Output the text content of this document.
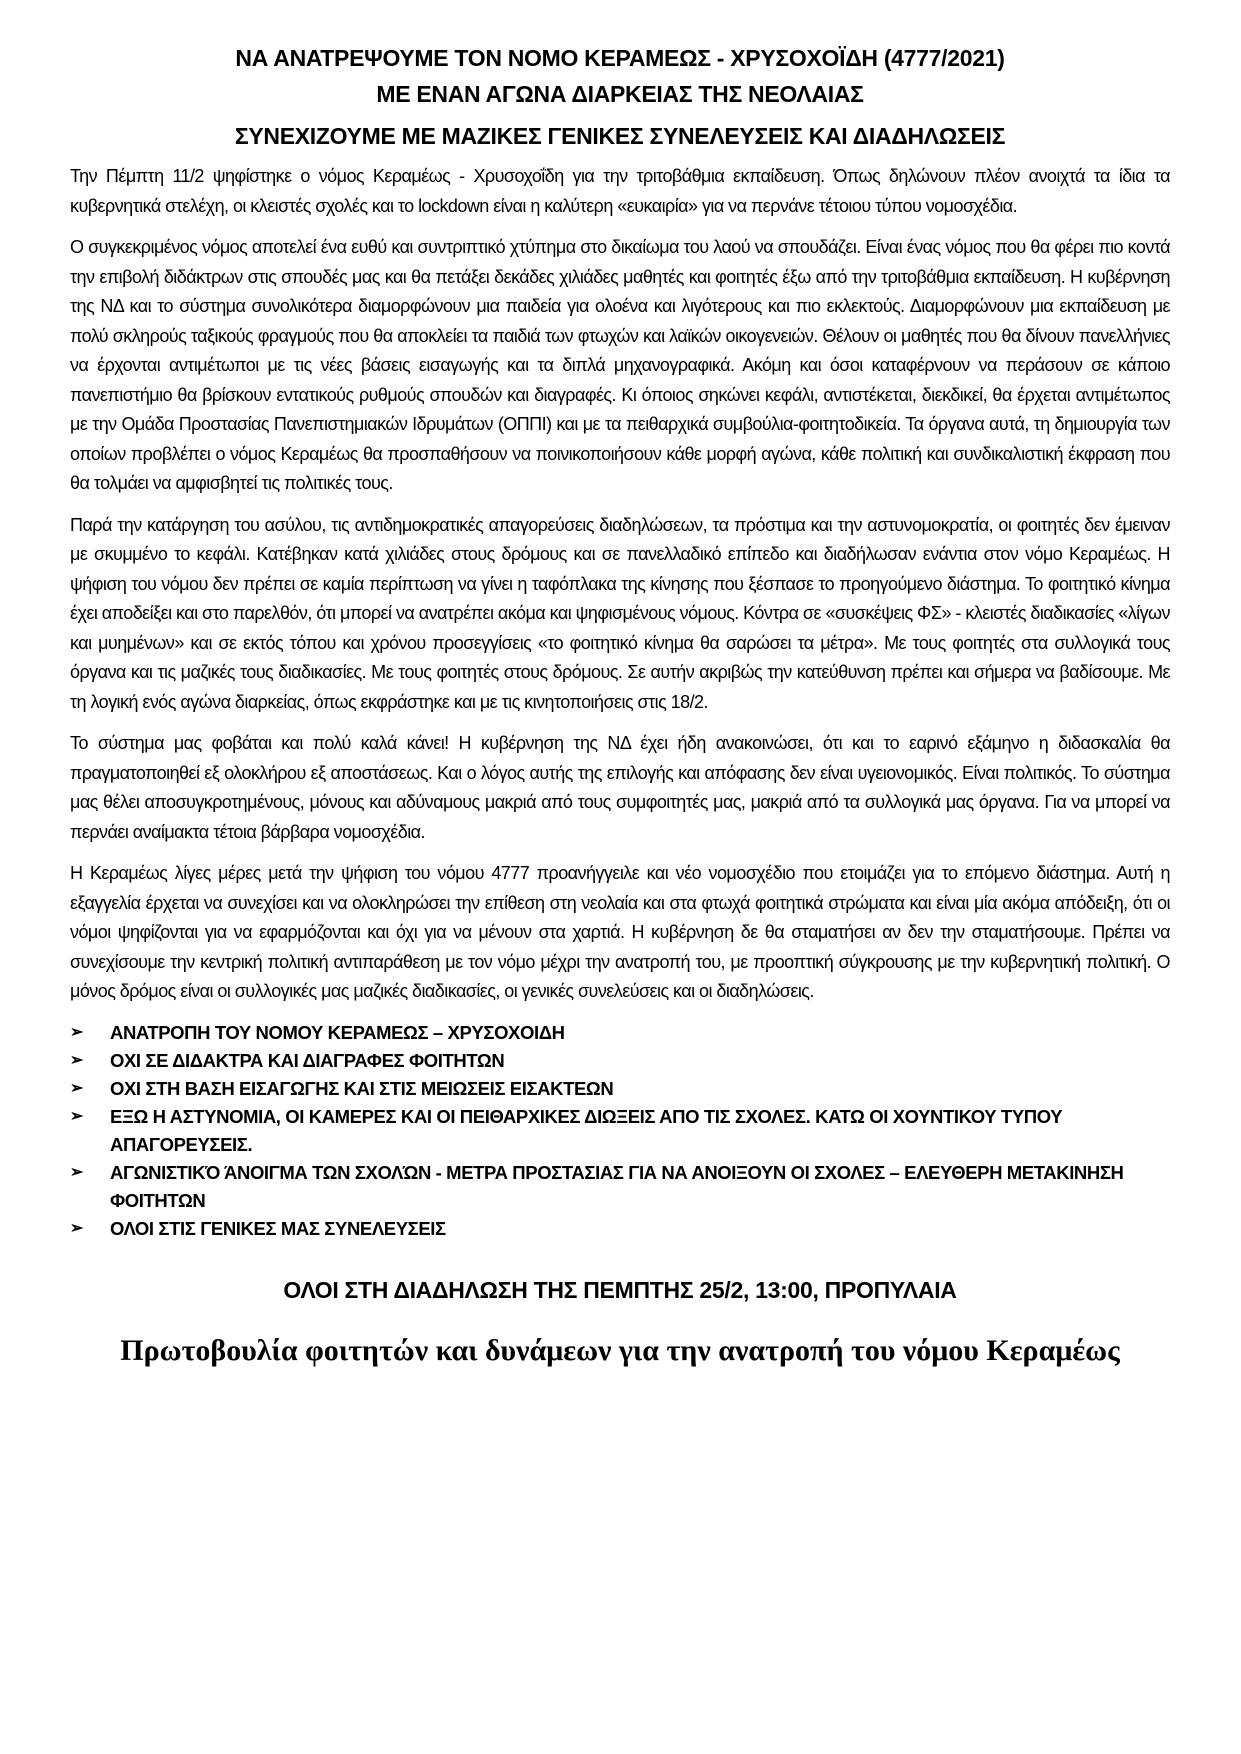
ΝΑ ΑΝΑΤΡΕΨΟΥΜΕ ΤΟΝ ΝΟΜΟ ΚΕΡΑΜΕΩΣ - ΧΡΥΣΟΧΟΪΔΗ (4777/2021)
ΜΕ ΕΝΑΝ ΑΓΩΝΑ ΔΙΑΡΚΕΙΑΣ ΤΗΣ ΝΕΟΛΑΙΑΣ
ΣΥΝΕΧΙΖΟΥΜΕ ΜΕ ΜΑΖΙΚΕΣ ΓΕΝΙΚΕΣ ΣΥΝΕΛΕΥΣΕΙΣ ΚΑΙ ΔΙΑΔΗΛΩΣΕΙΣ

Την Πέμπτη 11/2 ψηφίστηκε ο νόμος Κεραμέως - Χρυσοχοΐδη για την τριτοβάθμια εκπαίδευση. Όπως δηλώνουν πλέον ανοιχτά τα ίδια τα κυβερνητικά στελέχη, οι κλειστές σχολές και το lockdown είναι η καλύτερη «ευκαιρία» για να περνάνε τέτοιου τύπου νομοσχέδια.

Ο συγκεκριμένος νόμος αποτελεί ένα ευθύ και συντριπτικό χτύπημα στο δικαίωμα του λαού να σπουδάζει. Είναι ένας νόμος που θα φέρει πιο κοντά την επιβολή διδάκτρων στις σπουδές μας και θα πετάξει δεκάδες χιλιάδες μαθητές και φοιτητές έξω από την τριτοβάθμια εκπαίδευση. Η κυβέρνηση της ΝΔ και το σύστημα συνολικότερα διαμορφώνουν μια παιδεία για ολοένα και λιγότερους και πιο εκλεκτούς. Διαμορφώνουν μια εκπαίδευση με πολύ σκληρούς ταξικούς φραγμούς που θα αποκλείει τα παιδιά των φτωχών και λαϊκών οικογενειών. Θέλουν οι μαθητές που θα δίνουν πανελλήνιες να έρχονται αντιμέτωποι με τις νέες βάσεις εισαγωγής και τα διπλά μηχανογραφικά. Ακόμη και όσοι καταφέρνουν να περάσουν σε κάποιο πανεπιστήμιο θα βρίσκουν εντατικούς ρυθμούς σπουδών και διαγραφές. Κι όποιος σηκώνει κεφάλι, αντιστέκεται, διεκδικεί, θα έρχεται αντιμέτωπος με την Ομάδα Προστασίας Πανεπιστημιακών Ιδρυμάτων (ΟΠΠΙ) και με τα πειθαρχικά συμβούλια-φοιτητοδικεία. Τα όργανα αυτά, τη δημιουργία των οποίων προβλέπει ο νόμος Κεραμέως θα προσπαθήσουν να ποινικοποιήσουν κάθε μορφή αγώνα, κάθε πολιτική και συνδικαλιστική έκφραση που θα τολμάει να αμφισβητεί τις πολιτικές τους.

Παρά την κατάργηση του ασύλου, τις αντιδημοκρατικές απαγορεύσεις διαδηλώσεων, τα πρόστιμα και την αστυνομοκρατία, οι φοιτητές δεν έμειναν με σκυμμένο το κεφάλι. Κατέβηκαν κατά χιλιάδες στους δρόμους και σε πανελλαδικό επίπεδο και διαδήλωσαν ενάντια στον νόμο Κεραμέως. Η ψήφιση του νόμου δεν πρέπει σε καμία περίπτωση να γίνει η ταφόπλακα της κίνησης που ξέσπασε το προηγούμενο διάστημα. Το φοιτητικό κίνημα έχει αποδείξει και στο παρελθόν, ότι μπορεί να ανατρέπει ακόμα και ψηφισμένους νόμους. Κόντρα σε «συσκέψεις ΦΣ» - κλειστές διαδικασίες «λίγων και μυημένων» και σε εκτός τόπου και χρόνου προσεγγίσεις «το φοιτητικό κίνημα θα σαρώσει τα μέτρα». Με τους φοιτητές στα συλλογικά τους όργανα και τις μαζικές τους διαδικασίες. Με τους φοιτητές στους δρόμους. Σε αυτήν ακριβώς την κατεύθυνση πρέπει και σήμερα να βαδίσουμε. Με τη λογική ενός αγώνα διαρκείας, όπως εκφράστηκε και με τις κινητοποιήσεις στις 18/2.

Το σύστημα μας φοβάται και πολύ καλά κάνει! Η κυβέρνηση της ΝΔ έχει ήδη ανακοινώσει, ότι και το εαρινό εξάμηνο η διδασκαλία θα πραγματοποιηθεί εξ ολοκλήρου εξ αποστάσεως. Και ο λόγος αυτής της επιλογής και απόφασης δεν είναι υγειονομικός. Είναι πολιτικός. Το σύστημα μας θέλει αποσυγκροτημένους, μόνους και αδύναμους μακριά από τους συμφοιτητές μας, μακριά από τα συλλογικά μας όργανα. Για να μπορεί να περνάει αναίμακτα τέτοια βάρβαρα νομοσχέδια.

Η Κεραμέως λίγες μέρες μετά την ψήφιση του νόμου 4777 προανήγγειλε και νέο νομοσχέδιο που ετοιμάζει για το επόμενο διάστημα. Αυτή η εξαγγελία έρχεται να συνεχίσει και να ολοκληρώσει την επίθεση στη νεολαία και στα φτωχά φοιτητικά στρώματα και είναι μία ακόμα απόδειξη, ότι οι νόμοι ψηφίζονται για να εφαρμόζονται και όχι για να μένουν στα χαρτιά. Η κυβέρνηση δε θα σταματήσει αν δεν την σταματήσουμε. Πρέπει να συνεχίσουμε την κεντρική πολιτική αντιπαράθεση με τον νόμο μέχρι την ανατροπή του, με προοπτική σύγκρουσης με την κυβερνητική πολιτική. Ο μόνος δρόμος είναι οι συλλογικές μας μαζικές διαδικασίες, οι γενικές συνελεύσεις και οι διαδηλώσεις.

➢	ΑΝΑΤΡΟΠΗ ΤΟΥ ΝΟΜΟΥ ΚΕΡΑΜΕΩΣ – ΧΡΥΣΟΧΟΙΔΗ
➢	ΟΧΙ ΣΕ ΔΙΔΑΚΤΡΑ ΚΑΙ ΔΙΑΓΡΑΦΕΣ ΦΟΙΤΗΤΩΝ
➢	ΟΧΙ ΣΤΗ ΒΑΣΗ ΕΙΣΑΓΩΓΗΣ ΚΑΙ ΣΤΙΣ ΜΕΙΩΣΕΙΣ ΕΙΣΑΚΤΕΩΝ
➢	ΕΞΩ Η ΑΣΤΥΝΟΜΙΑ, ΟΙ ΚΑΜΕΡΕΣ ΚΑΙ ΟΙ ΠΕΙΘΑΡΧΙΚΕΣ ΔΙΩΞΕΙΣ ΑΠΟ ΤΙΣ ΣΧΟΛΕΣ. ΚΑΤΩ ΟΙ ΧΟΥΝΤΙΚΟΥ ΤΥΠΟΥ ΑΠΑΓΟΡΕΥΣΕΙΣ.
➢	ΑΓΩΝΙΣΤΙΚΌ ΆΝΟΙΓΜΑ ΤΩΝ ΣΧΟΛΏΝ - ΜΕΤΡΑ ΠΡΟΣΤΑΣΙΑΣ ΓΙΑ ΝΑ ΑΝΟΙΞΟΥΝ ΟΙ ΣΧΟΛΕΣ – ΕΛΕΥΘΕΡΗ ΜΕΤΑΚΙΝΗΣΗ ΦΟΙΤΗΤΩΝ
➢	ΟΛΟΙ ΣΤΙΣ ΓΕΝΙΚΕΣ ΜΑΣ ΣΥΝΕΛΕΥΣΕΙΣ
ΟΛΟΙ ΣΤΗ ΔΙΑΔΗΛΩΣΗ ΤΗΣ ΠΕΜΠΤΗΣ 25/2, 13:00, ΠΡΟΠΥΛΑΙΑ
Πρωτοβουλία φοιτητών και δυνάμεων για την ανατροπή του νόμου Κεραμέως
